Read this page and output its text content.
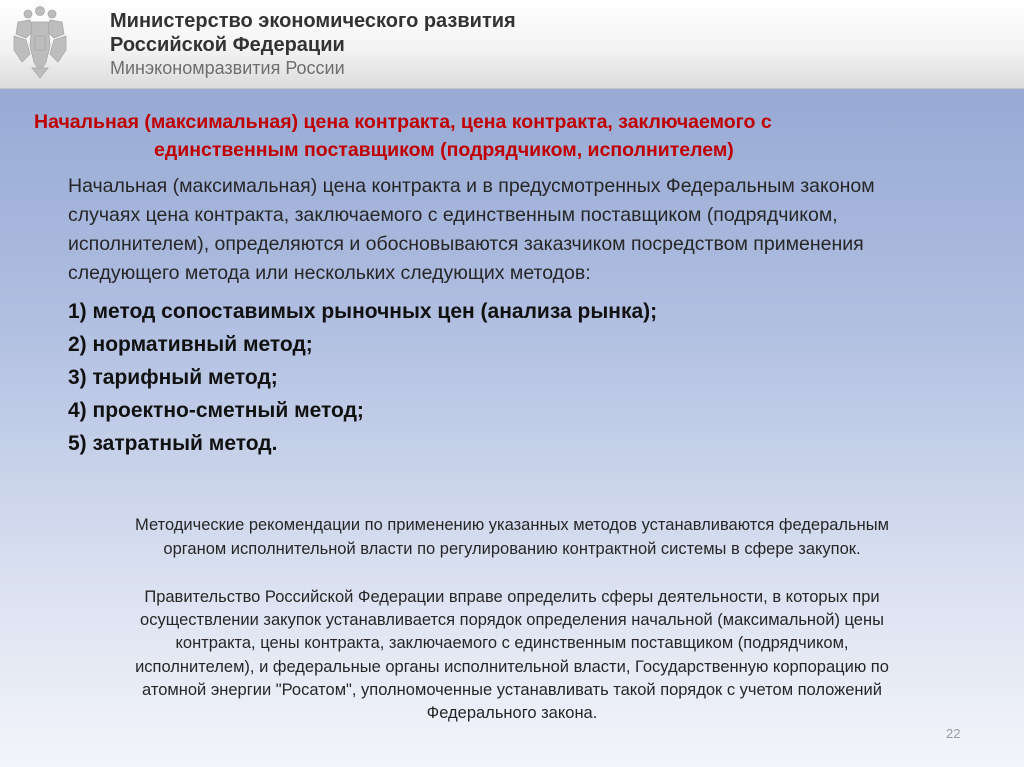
Министерство экономического развития
Российской Федерации
Минэкономразвития России
Начальная (максимальная) цена контракта, цена контракта, заключаемого с
единственным поставщиком (подрядчиком, исполнителем)
Начальная (максимальная) цена контракта и в предусмотренных Федеральным законом
случаях цена контракта, заключаемого с единственным поставщиком (подрядчиком,
исполнителем), определяются и обосновываются заказчиком посредством применения
следующего метода или нескольких следующих методов:
1) метод сопоставимых рыночных цен (анализа рынка);
2) нормативный метод;
3) тарифный метод;
4) проектно-сметный метод;
5) затратный метод.
Методические рекомендации по применению указанных методов устанавливаются федеральным
органом исполнительной власти по регулированию контрактной системы в сфере закупок.
Правительство Российской Федерации вправе определить сферы деятельности, в которых при
осуществлении закупок устанавливается порядок определения начальной (максимальной) цены
контракта, цены контракта, заключаемого с единственным поставщиком (подрядчиком,
исполнителем), и федеральные органы исполнительной власти, Государственную корпорацию по
атомной энергии "Росатом", уполномоченные устанавливать такой порядок с учетом положений
Федерального закона.
22
